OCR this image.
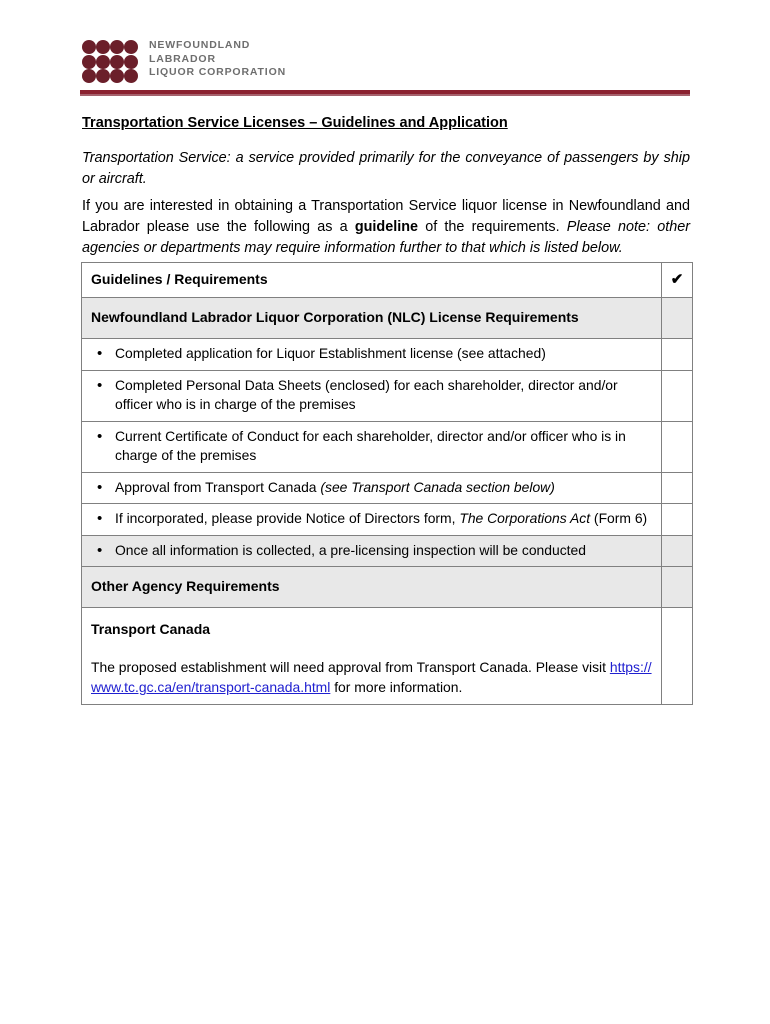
NEWFOUNDLAND
LABRADOR
LIQUOR CORPORATION
Transportation Service Licenses – Guidelines and Application
Transportation Service: a service provided primarily for the conveyance of passengers by ship or aircraft.
If you are interested in obtaining a Transportation Service liquor license in Newfoundland and Labrador please use the following as a guideline of the requirements. Please note: other agencies or departments may require information further to that which is listed below.
Guidelines / Requirements	✔

Newfoundland Labrador Liquor Corporation (NLC) License Requirements	

• Completed application for Liquor Establishment license (see attached)	

• Completed Personal Data Sheets (enclosed) for each shareholder, director and/or officer who is in charge of the premises	

• Current Certificate of Conduct for each shareholder, director and/or officer who is in charge of the premises	

• Approval from Transport Canada (see Transport Canada section below)	

• If incorporated, please provide Notice of Directors form, The Corporations Act (Form 6)	

• Once all information is collected, a pre-licensing inspection will be conducted	

Other Agency Requirements	

Transport Canada
The proposed establishment will need approval from Transport Canada. Please visit https://www.tc.gc.ca/en/transport-canada.html for more information.	
